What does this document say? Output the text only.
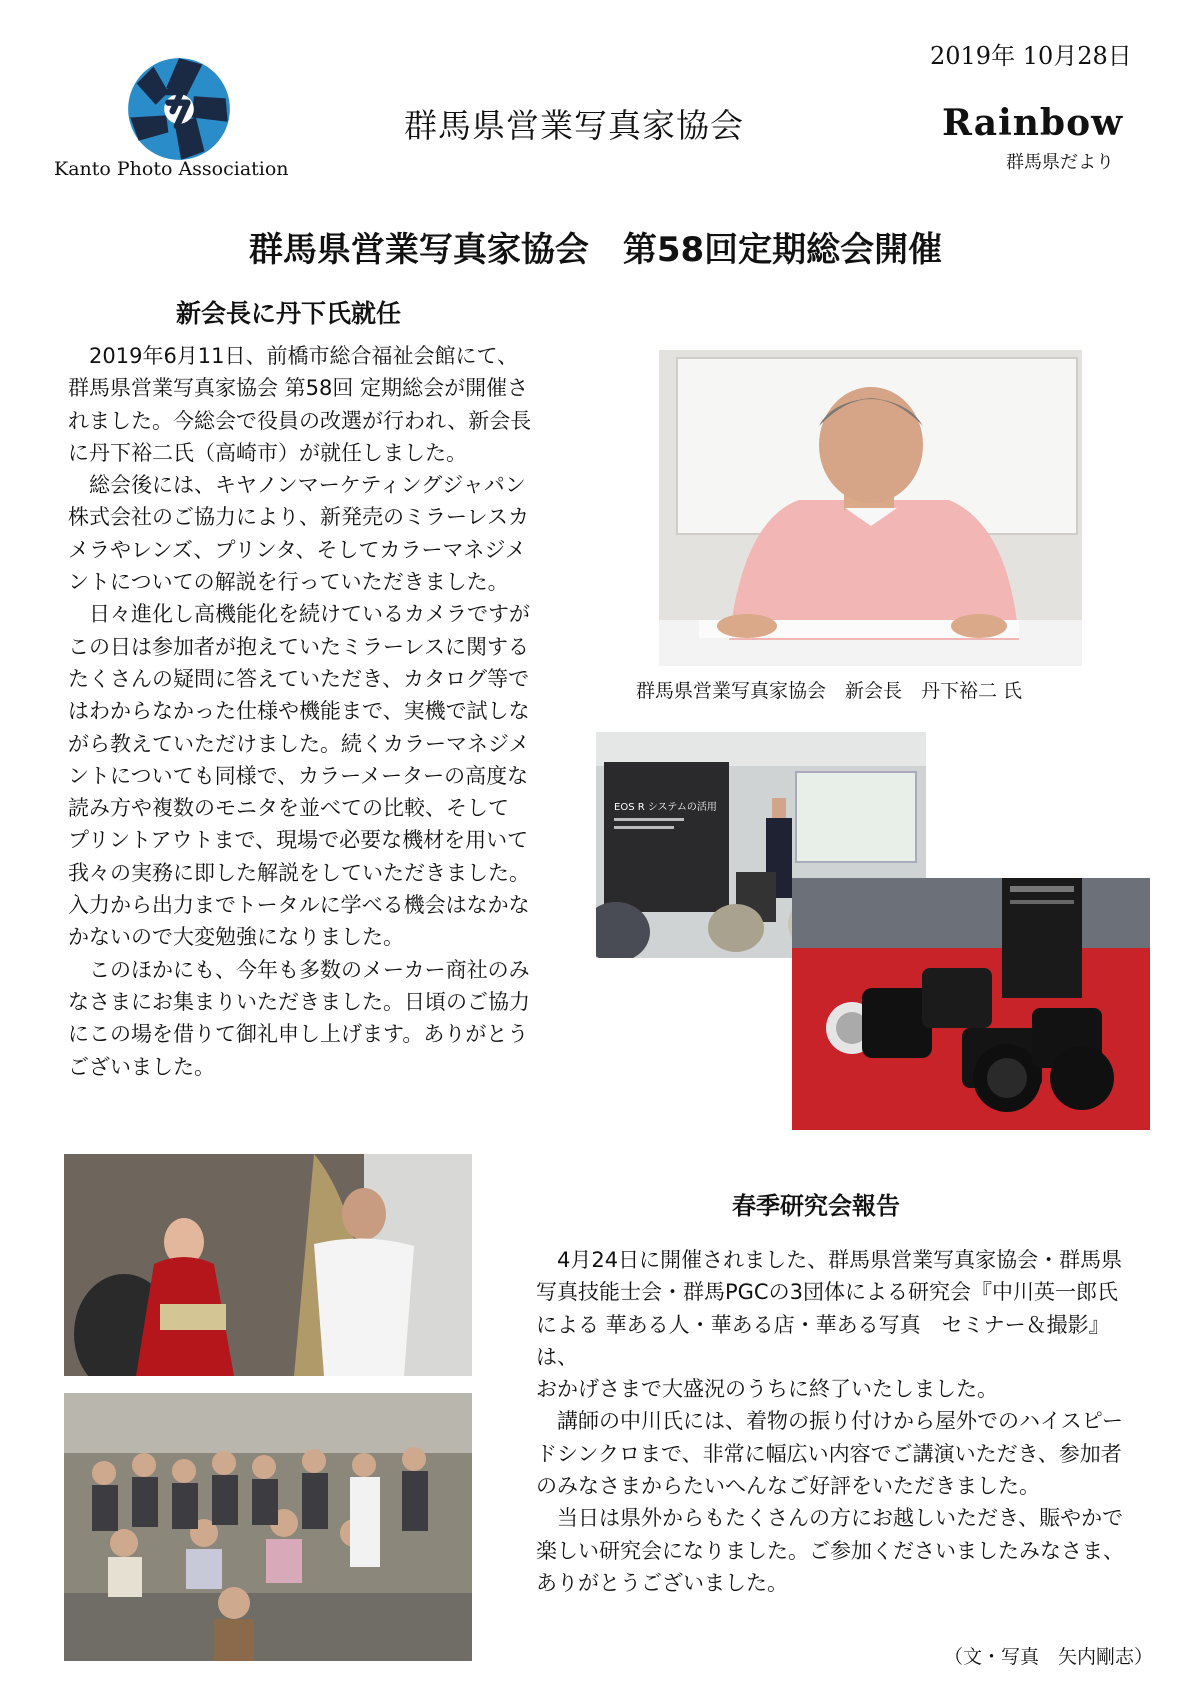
2019年 10月28日
Kanto Photo Association
群馬県営業写真家協会	Rainbow
群馬県だより
群馬県営業写真家協会　第58回定期総会開催
新会長に丹下氏就任

2019年6月11日、前橋市総合福祉会館にて、
群馬県営業写真家協会 第58回 定期総会が開催さ
れました。今総会で役員の改選が行われ、新会長
に丹下裕二氏（高崎市）が就任しました。

総会後には、キヤノンマーケティングジャパン
株式会社のご協力により、新発売のミラーレスカ
メラやレンズ、プリンタ、そしてカラーマネジメ
ントについての解説を行っていただきました。

日々進化し高機能化を続けているカメラですが
この日は参加者が抱えていたミラーレスに関する
たくさんの疑問に答えていただき、カタログ等で
はわからなかった仕様や機能まで、実機で試しな
がら教えていただけました。続くカラーマネジメ
ントについても同様で、カラーメーターの高度な
読み方や複数のモニタを並べての比較、そして
プリントアウトまで、現場で必要な機材を用いて
我々の実務に即した解説をしていただきました。
入力から出力までトータルに学べる機会はなかな
かないので大変勉強になりました。

このほかにも、今年も多数のメーカー商社のみ
なさまにお集まりいただきました。日頃のご協力
にこの場を借りて御礼申し上げます。ありがとう
ございました。

群馬県営業写真家協会　新会長　丹下裕二 氏
EOS R システムの活用
春季研究会報告

4月24日に開催されました、群馬県営業写真家協会・群馬県
写真技能士会・群馬PGCの3団体による研究会『中川英一郎氏
による 華ある人・華ある店・華ある写真　セミナー＆撮影』は、
おかげさまで大盛況のうちに終了いたしました。

講師の中川氏には、着物の振り付けから屋外でのハイスピー
ドシンクロまで、非常に幅広い内容でご講演いただき、参加者
のみなさまからたいへんなご好評をいただきました。

当日は県外からもたくさんの方にお越しいただき、賑やかで
楽しい研究会になりました。ご参加くださいましたみなさま、
ありがとうございました。

（文・写真　矢内剛志）
